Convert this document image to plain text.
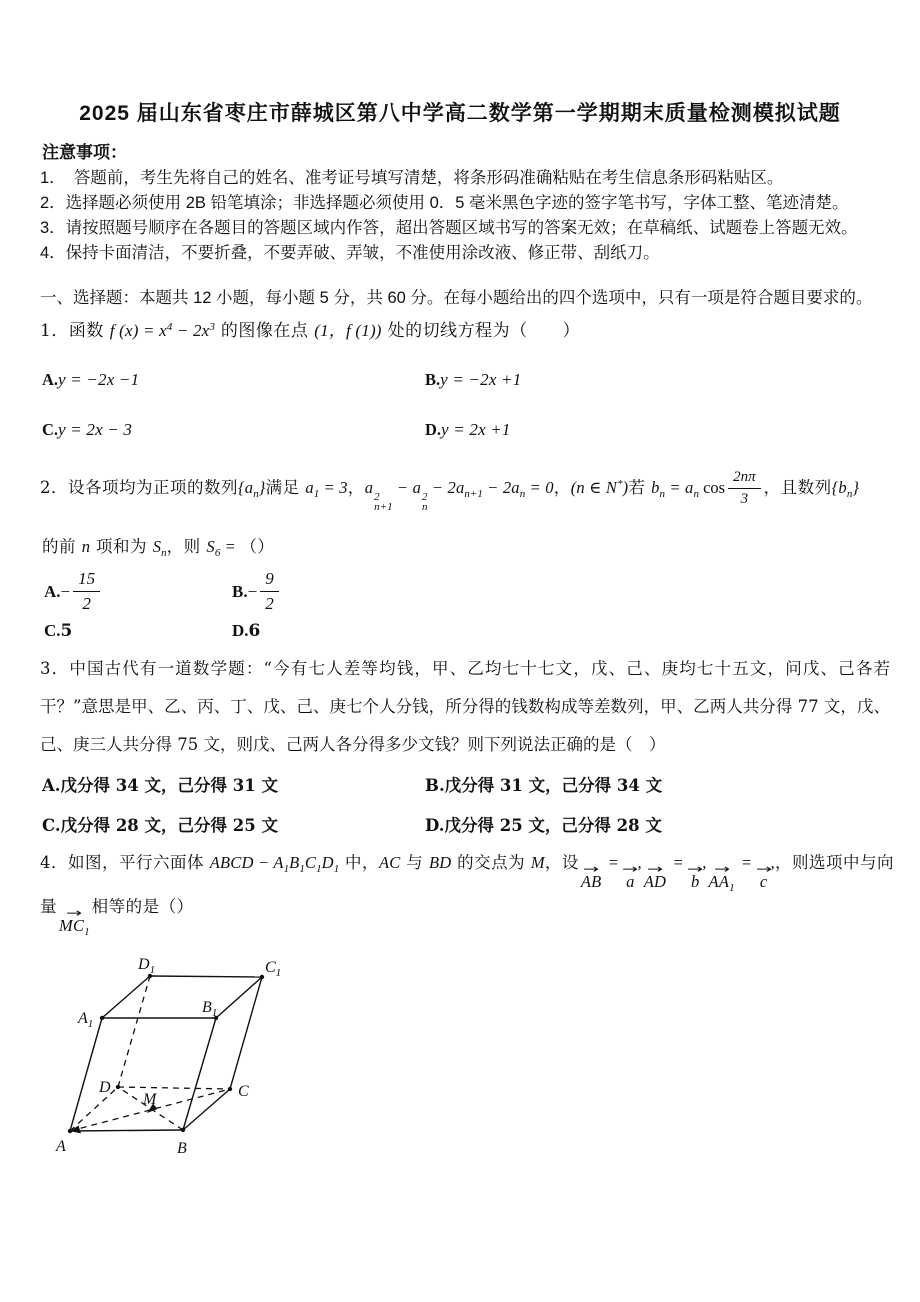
2025 届山东省枣庄市薛城区第八中学高二数学第一学期期末质量检测模拟试题
注意事项：
1．　答题前，考生先将自己的姓名、准考证号填写清楚，将条形码准确粘贴在考生信息条形码粘贴区。
2．选择题必须使用 2B 铅笔填涂；非选择题必须使用 0．5 毫米黑色字迹的签字笔书写，字体工整、笔迹清楚。
3．请按照题号顺序在各题目的答题区域内作答，超出答题区域书写的答案无效；在草稿纸、试题卷上答题无效。
4．保持卡面清洁，不要折叠，不要弄破、弄皱，不准使用涂改液、修正带、刮纸刀。
一、选择题：本题共 12 小题，每小题 5 分，共 60 分。在每小题给出的四个选项中，只有一项是符合题目要求的。
1．函数 f $(x) = x^4 - 2x^3$ 的图像在点 (1，f (1)) 处的切线方程为（　　）
A.y = −2x −1	B.y = −2x +1
C.y = 2x − 3	D.y = 2x +1
2．设各项均为正项的数列$\{a_n\}$满足 $a_1 = 3$，a 2
n+1
− a 2
n
− $2a_{n+1} - 2a_n = 0$，(n ∈ N*)若 $b_n = a_n$ $\cos \frac{2n\pi}{3}$ ，且数列$\{b_n\}$
的前 n 项和为 $S_n$，则 $S_6$ = （）
A. − $\frac{15}{2}$	B. − $\frac{9}{2}$
C.5	D.6
3．中国古代有一道数学题：“今有七人差等均钱，甲、乙均七十七文，戊、己、庚均七十五文，问戊、己各若干？”意思是甲、乙、丙、丁、戊、己、庚七个人分钱，所分得的钱数构成等差数列，甲、乙两人共分得 77 文，戊、己、庚三人共分得 75 文，则戊、己两人各分得多少文钱？则下列说法正确的是（　）
A.戊分得 34 文，己分得 31 文	B.戊分得 31 文，己分得 34 文
C.戊分得 28 文，己分得 25 文	D.戊分得 25 文，己分得 28 文
4．如图，平行六面体 ABCD − $A_1B_1C_1D_1$ 中，AC 与 BD 的交点为 M，设 →
AB
=
→
a
, →
AD
=
→
b
, →
$AA_1$
=
→
c
,，则选项中与向
量 →
$MC_1$
相等的是（）
A	B
C
D
M
$A_1$
$B_1$
$C_1$
$D_1$
